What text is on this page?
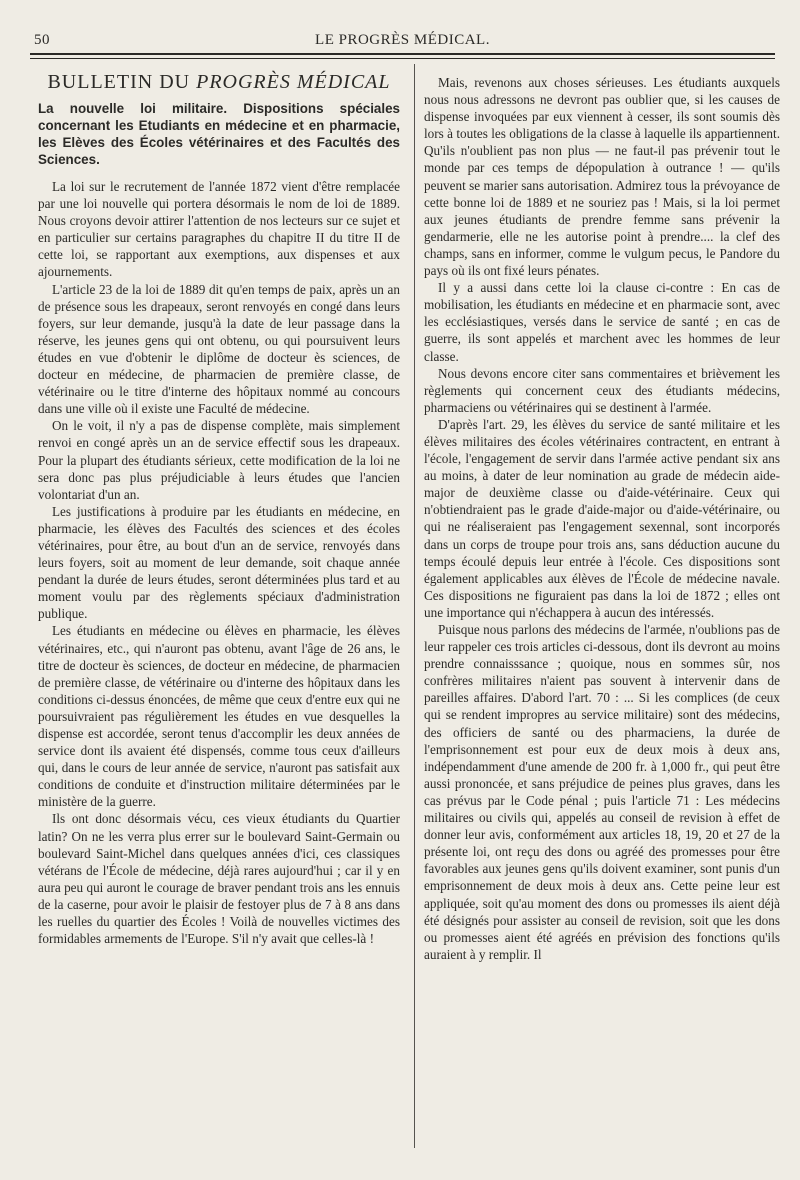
50	LE PROGRÈS MÉDICAL.
BULLETIN DU PROGRÈS MÉDICAL
La nouvelle loi militaire. Dispositions spéciales concernant les Etudiants en médecine et en pharmacie, les Elèves des Écoles vétérinaires et des Facultés des Sciences.

La loi sur le recrutement de l'année 1872 vient d'être remplacée par une loi nouvelle qui portera désormais le nom de loi de 1889. Nous croyons devoir attirer l'attention de nos lecteurs sur ce sujet et en particulier sur certains paragraphes du chapitre II du titre II de cette loi, se rapportant aux exemptions, aux dispenses et aux ajournements.

L'article 23 de la loi de 1889 dit qu'en temps de paix, après un an de présence sous les drapeaux, seront renvoyés en congé dans leurs foyers, sur leur demande, jusqu'à la date de leur passage dans la réserve, les jeunes gens qui ont obtenu, ou qui poursuivent leurs études en vue d'obtenir le diplôme de docteur ès sciences, de docteur en médecine, de pharmacien de première classe, de vétérinaire ou le titre d'interne des hôpitaux nommé au concours dans une ville où il existe une Faculté de médecine.

On le voit, il n'y a pas de dispense complète, mais simplement renvoi en congé après un an de service effectif sous les drapeaux. Pour la plupart des étudiants sérieux, cette modification de la loi ne sera donc pas plus préjudiciable à leurs études que l'ancien volontariat d'un an.

Les justifications à produire par les étudiants en médecine, en pharmacie, les élèves des Facultés des sciences et des écoles vétérinaires, pour être, au bout d'un an de service, renvoyés dans leurs foyers, soit au moment de leur demande, soit chaque année pendant la durée de leurs études, seront déterminées plus tard et au moment voulu par des règlements spéciaux d'administration publique.

Les étudiants en médecine ou élèves en pharmacie, les élèves vétérinaires, etc., qui n'auront pas obtenu, avant l'âge de 26 ans, le titre de docteur ès sciences, de docteur en médecine, de pharmacien de première classe, de vétérinaire ou d'interne des hôpitaux dans les conditions ci-dessus énoncées, de même que ceux d'entre eux qui ne poursuivraient pas régulièrement les études en vue desquelles la dispense est accordée, seront tenus d'accomplir les deux années de service dont ils avaient été dispensés, comme tous ceux d'ailleurs qui, dans le cours de leur année de service, n'auront pas satisfait aux conditions de conduite et d'instruction militaire déterminées par le ministère de la guerre.

Ils ont donc désormais vécu, ces vieux étudiants du Quartier latin? On ne les verra plus errer sur le boulevard Saint-Germain ou boulevard Saint-Michel dans quelques années d'ici, ces classiques vétérans de l'École de médecine, déjà rares aujourd'hui ; car il y en aura peu qui auront le courage de braver pendant trois ans les ennuis de la caserne, pour avoir le plaisir de festoyer plus de 7 à 8 ans dans les ruelles du quartier des Écoles ! Voilà de nouvelles victimes des formidables armements de l'Europe. S'il n'y avait que celles-là !

Mais, revenons aux choses sérieuses. Les étudiants auxquels nous nous adressons ne devront pas oublier que, si les causes de dispense invoquées par eux viennent à cesser, ils sont soumis dès lors à toutes les obligations de la classe à laquelle ils appartiennent. Qu'ils n'oublient pas non plus — ne faut-il pas prévenir tout le monde par ces temps de dépopulation à outrance ! — qu'ils peuvent se marier sans autorisation. Admirez tous la prévoyance de cette bonne loi de 1889 et ne souriez pas ! Mais, si la loi permet aux jeunes étudiants de prendre femme sans prévenir la gendarmerie, elle ne les autorise point à prendre.... la clef des champs, sans en informer, comme le vulgum pecus, le Pandore du pays où ils ont fixé leurs pénates.

Il y a aussi dans cette loi la clause ci-contre : En cas de mobilisation, les étudiants en médecine et en pharmacie sont, avec les ecclésiastiques, versés dans le service de santé ; en cas de guerre, ils sont appelés et marchent avec les hommes de leur classe.

Nous devons encore citer sans commentaires et brièvement les règlements qui concernent ceux des étudiants médecins, pharmaciens ou vétérinaires qui se destinent à l'armée.

D'après l'art. 29, les élèves du service de santé militaire et les élèves militaires des écoles vétérinaires contractent, en entrant à l'école, l'engagement de servir dans l'armée active pendant six ans au moins, à dater de leur nomination au grade de médecin aide-major de deuxième classe ou d'aide-vétérinaire. Ceux qui n'obtiendraient pas le grade d'aide-major ou d'aide-vétérinaire, ou qui ne réaliseraient pas l'engagement sexennal, sont incorporés dans un corps de troupe pour trois ans, sans déduction aucune du temps écoulé depuis leur entrée à l'école. Ces dispositions sont également applicables aux élèves de l'École de médecine navale. Ces dispositions ne figuraient pas dans la loi de 1872 ; elles ont une importance qui n'échappera à aucun des intéressés.

Puisque nous parlons des médecins de l'armée, n'oublions pas de leur rappeler ces trois articles ci-dessous, dont ils devront au moins prendre connaisssance ; quoique, nous en sommes sûr, nos confrères militaires n'aient pas souvent à intervenir dans de pareilles affaires. D'abord l'art. 70 : ... Si les complices (de ceux qui se rendent impropres au service militaire) sont des médecins, des officiers de santé ou des pharmaciens, la durée de l'emprisonnement est pour eux de deux mois à deux ans, indépendamment d'une amende de 200 fr. à 1,000 fr., qui peut être aussi prononcée, et sans préjudice de peines plus graves, dans les cas prévus par le Code pénal ; puis l'article 71 : Les médecins militaires ou civils qui, appelés au conseil de revision à effet de donner leur avis, conformément aux articles 18, 19, 20 et 27 de la présente loi, ont reçu des dons ou agréé des promesses pour être favorables aux jeunes gens qu'ils doivent examiner, sont punis d'un emprisonnement de deux mois à deux ans. Cette peine leur est appliquée, soit qu'au moment des dons ou promesses ils aient déjà été désignés pour assister au conseil de revision, soit que les dons ou promesses aient été agréés en prévision des fonctions qu'ils auraient à y remplir. Il
